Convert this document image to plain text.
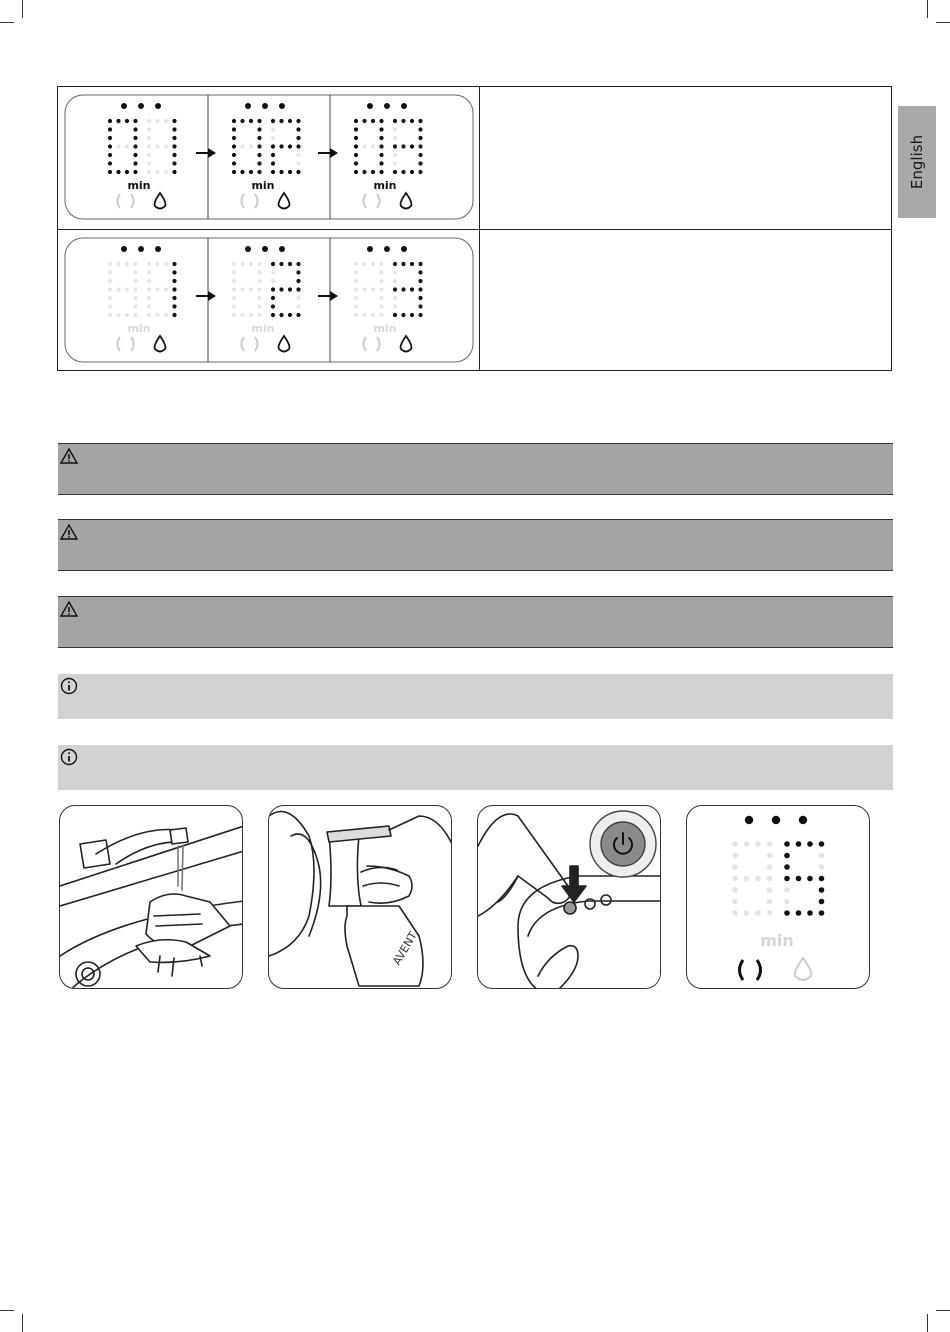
English
min	min	min
min	min	min
AVENT	min
